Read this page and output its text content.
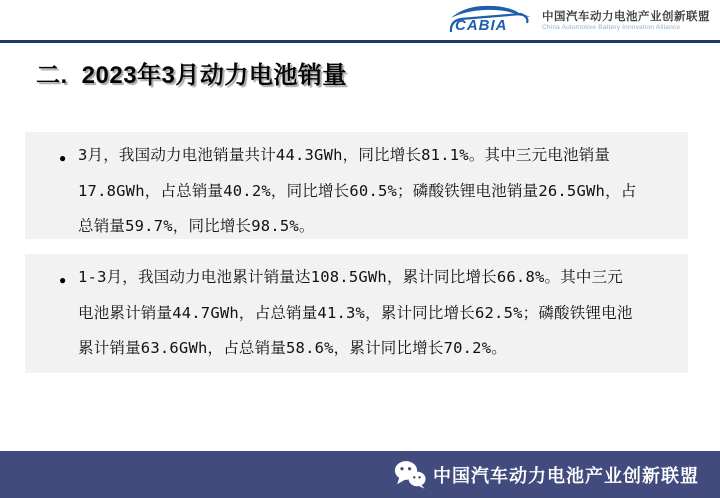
CABIA
中国汽车动力电池产业创新联盟
China Automotive Battery Innovation Alliance
二. 2023年3月动力电池销量
● 3月，我国动力电池销量共计44.3GWh，同比增长81.1%。其中三元电池销量
17.8GWh，占总销量40.2%，同比增长60.5%；磷酸铁锂电池销量26.5GWh，占
总销量59.7%，同比增长98.5%。
● 1-3月，我国动力电池累计销量达108.5GWh，累计同比增长66.8%。其中三元
电池累计销量44.7GWh，占总销量41.3%，累计同比增长62.5%；磷酸铁锂电池
累计销量63.6GWh，占总销量58.6%，累计同比增长70.2%。
中国汽车动力电池产业创新联盟
